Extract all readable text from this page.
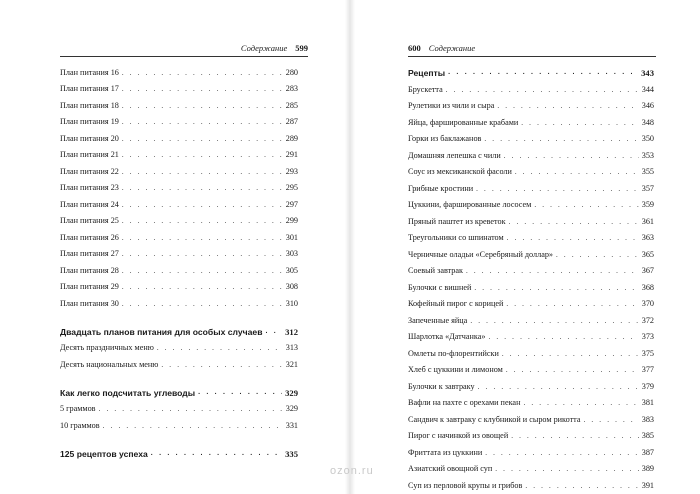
Содержание 599
План питания 16 . . .	280
План питания 17 . . .	283
План питания 18 . . .	285
План питания 19 . . .	287
План питания 20 . . .	289
План питания 21 . . .	291
План питания 22 . . .	293
План питания 23 . . .	295
План питания 24 . . .	297
План питания 25 . . .	299
План питания 26 . . .	301
План питания 27 . . .	303
План питания 28 . . .	305
План питания 29 . . .	308
План питания 30 . . .	310
Двадцать планов питания для особых случаев . . .	312
Десять праздничных меню . . .	313
Десять национальных меню . . .	321
Как легко подсчитать углеводы . . .	329
5 граммов . . .	329
10 граммов . . .	331
125 рецептов успеха . . .	335
600 Содержание
Рецепты . . .	343
Брускетта . . .	344
Рулетики из чили и сыра . . .	346
Яйца, фаршированные крабами . . .	348
Горки из баклажанов . . .	350
Домашняя лепешка с чили . . .	353
Соус из мексиканской фасоли . . .	355
Грибные кростини . . .	357
Цуккини, фаршированные лососем . . .	359
Пряный паштет из креветок . . .	361
Треугольники со шпинатом . . .	363
Черничные оладьи «Серебряный доллар» . . .	365
Соевый завтрак . . .	367
Булочки с вишней . . .	368
Кофейный пирог с корицей . . .	370
Запеченные яйца . . .	372
Шарлотка «Датчанка» . . .	373
Омлеты по-флорентийски . . .	375
Хлеб с цуккини и лимоном . . .	377
Булочки к завтраку . . .	379
Вафли на пахте с орехами пекан . . .	381
Сандвич к завтраку с клубникой и сыром рикотта . . .	383
Пирог с начинкой из овощей . . .	385
Фриттата из цуккини . . .	387
Азиатский овощной суп . . .	389
Суп из перловой крупы и грибов . . .	391
ozon.ru
